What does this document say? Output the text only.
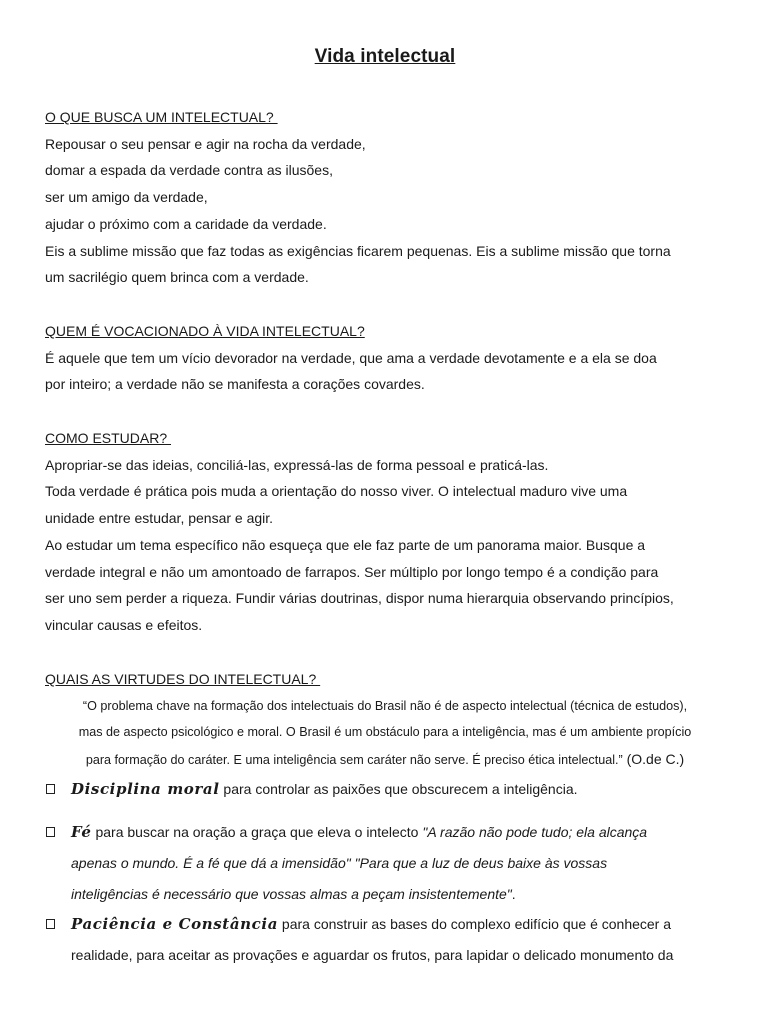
Vida intelectual
O QUE BUSCA UM INTELECTUAL?
Repousar o seu pensar e agir na rocha da verdade,
domar a espada da verdade contra as ilusões,
ser um amigo da verdade,
ajudar o próximo com a caridade da verdade.
Eis a sublime missão que faz todas as exigências ficarem pequenas. Eis a sublime missão que torna
um sacrilégio quem brinca com a verdade.
QUEM É VOCACIONADO À VIDA INTELECTUAL?
É aquele que tem um vício devorador na verdade, que ama a verdade devotamente e a ela se doa
por inteiro; a verdade não se manifesta a corações covardes.
COMO ESTUDAR?
Apropriar-se das ideias, conciliá-las, expressá-las de forma pessoal e praticá-las.
Toda verdade é prática pois muda a orientação do nosso viver. O intelectual maduro vive uma
unidade entre estudar, pensar e agir.
Ao estudar um tema específico não esqueça que ele faz parte de um panorama maior. Busque a
verdade integral e não um amontoado de farrapos. Ser múltiplo por longo tempo é a condição para
ser uno sem perder a riqueza. Fundir várias doutrinas, dispor numa hierarquia observando princípios,
vincular causas e efeitos.
QUAIS AS VIRTUDES DO INTELECTUAL?
“O problema chave na formação dos intelectuais do Brasil não é de aspecto intelectual (técnica de estudos),
mas de aspecto psicológico e moral. O Brasil é um obstáculo para a inteligência, mas é um ambiente propício
para formação do caráter. E uma inteligência sem caráter não serve. É preciso ética intelectual.” (O.de C.)
Disciplina moral para controlar as paixões que obscurecem a inteligência.
Fé para buscar na oração a graça que eleva o intelecto "A razão não pode tudo; ela alcança
apenas o mundo. É a fé que dá a imensidão" "Para que a luz de deus baixe às vossas
inteligências é necessário que vossas almas a peçam insistentemente".
Paciência e Constância para construir as bases do complexo edifício que é conhecer a
realidade, para aceitar as provações e aguardar os frutos, para lapidar o delicado monumento da
